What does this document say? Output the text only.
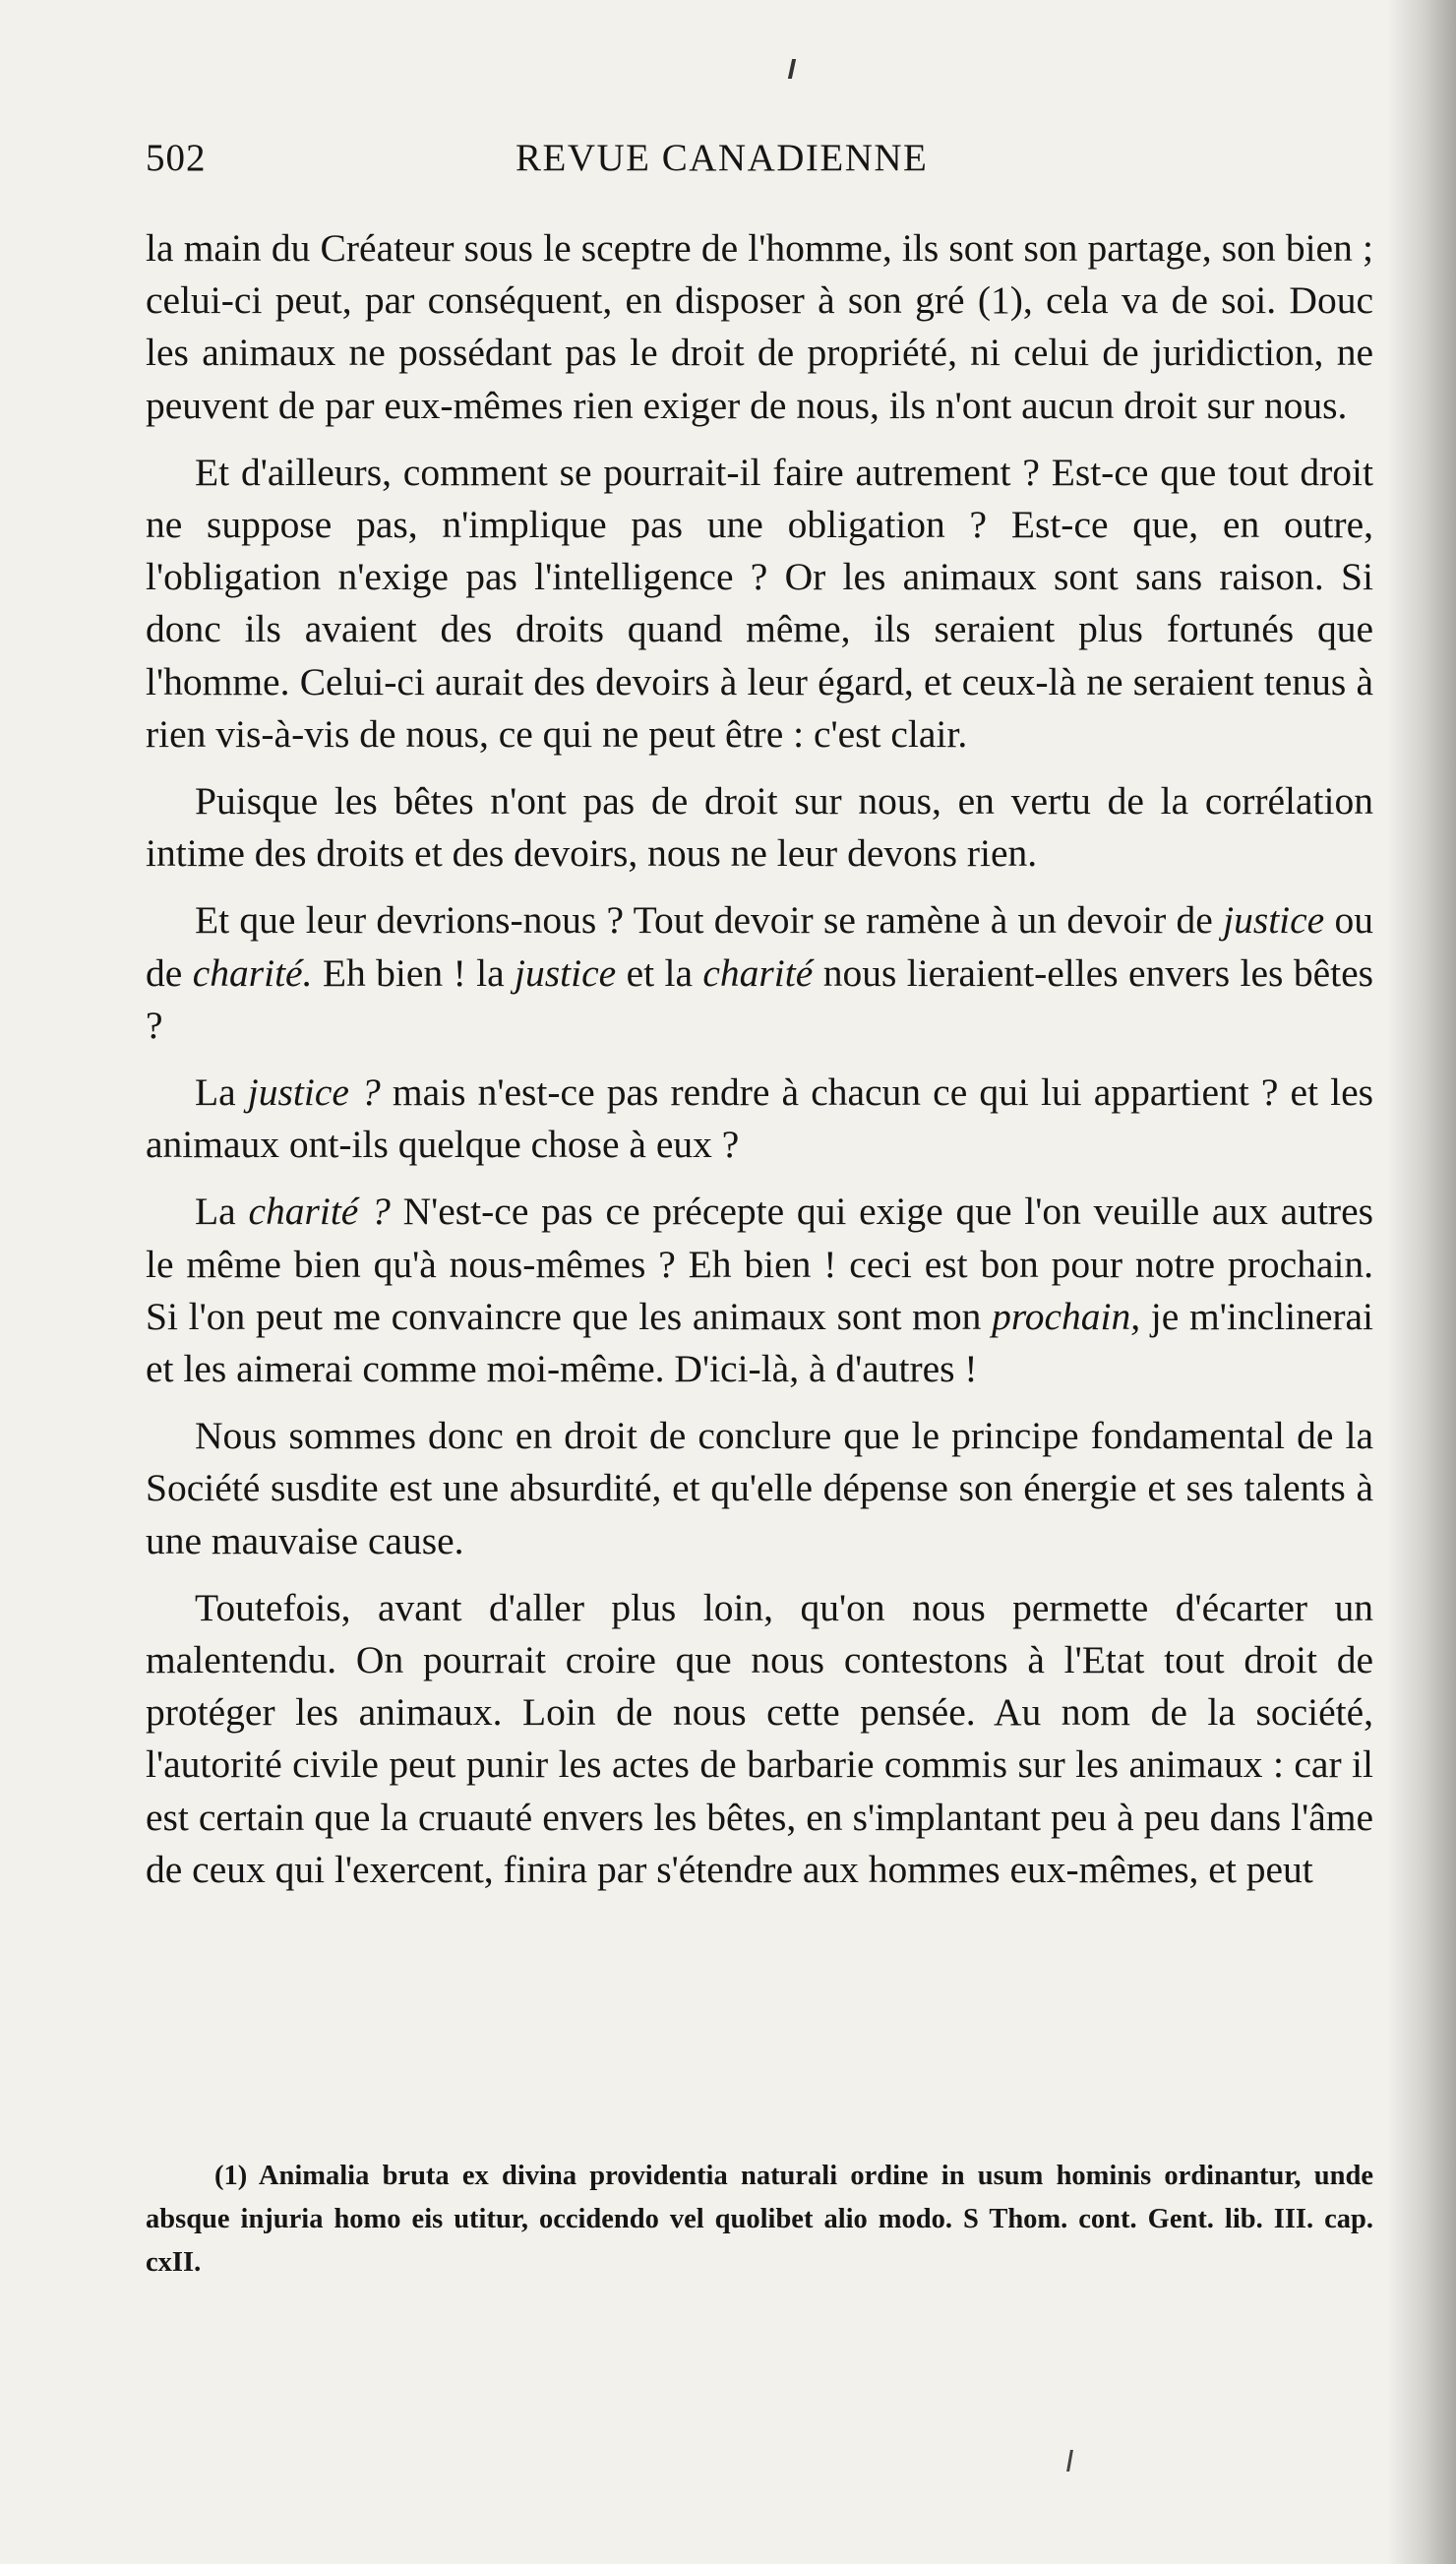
502	REVUE CANADIENNE

la main du Créateur sous le sceptre de l'homme, ils sont son partage, son bien ; celui-ci peut, par conséquent, en disposer à son gré (1), cela va de soi. Douc les animaux ne possédant pas le droit de propriété, ni celui de juridiction, ne peuvent de par eux-mêmes rien exiger de nous, ils n'ont aucun droit sur nous.

Et d'ailleurs, comment se pourrait-il faire autrement ? Est-ce que tout droit ne suppose pas, n'implique pas une obligation ? Est-ce que, en outre, l'obligation n'exige pas l'intelligence ? Or les animaux sont sans raison. Si donc ils avaient des droits quand même, ils seraient plus fortunés que l'homme. Celui-ci aurait des devoirs à leur égard, et ceux-là ne seraient tenus à rien vis-à-vis de nous, ce qui ne peut être : c'est clair.

Puisque les bêtes n'ont pas de droit sur nous, en vertu de la corrélation intime des droits et des devoirs, nous ne leur devons rien.

Et que leur devrions-nous ? Tout devoir se ramène à un devoir de justice ou de charité. Eh bien ! la justice et la charité nous lieraient-elles envers les bêtes ?

La justice ? mais n'est-ce pas rendre à chacun ce qui lui appartient ? et les animaux ont-ils quelque chose à eux ?

La charité ? N'est-ce pas ce précepte qui exige que l'on veuille aux autres le même bien qu'à nous-mêmes ? Eh bien ! ceci est bon pour notre prochain. Si l'on peut me convaincre que les animaux sont mon prochain, je m'inclinerai et les aimerai comme moi-même. D'ici-là, à d'autres !

Nous sommes donc en droit de conclure que le principe fondamental de la Société susdite est une absurdité, et qu'elle dépense son énergie et ses talents à une mauvaise cause.

Toutefois, avant d'aller plus loin, qu'on nous permette d'écarter un malentendu. On pourrait croire que nous contestons à l'Etat tout droit de protéger les animaux. Loin de nous cette pensée. Au nom de la société, l'autorité civile peut punir les actes de barbarie commis sur les animaux : car il est certain que la cruauté envers les bêtes, en s'implantant peu à peu dans l'âme de ceux qui l'exercent, finira par s'étendre aux hommes eux-mêmes, et peut

(1) Animalia bruta ex divina providentia naturali ordine in usum hominis ordinantur, unde absque injuria homo eis utitur, occidendo vel quolibet alio modo. S Thom. cont. Gent. lib. III. cap. cxII.
